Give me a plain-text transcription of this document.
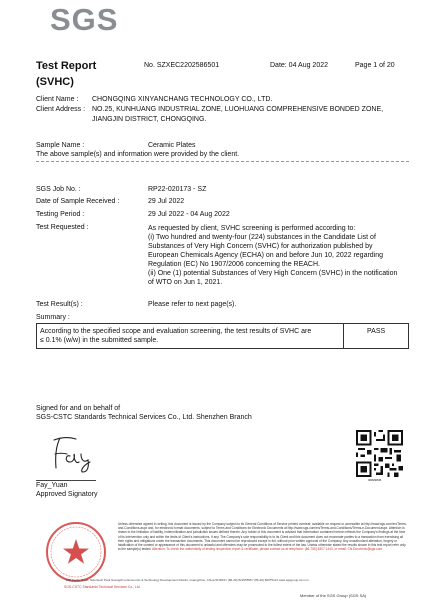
SGS
Test Report
(SVHC)
No. SZXEC2202586501	Date: 04 Aug 2022	Page 1 of 20
Client Name : CHONGQING XINYANCHANG TECHNOLOGY CO., LTD.
Client Address : NO.25, KUNHUANG INDUSTRIAL ZONE, LUOHUANG COMPREHENSIVE BONDED ZONE,
JIANGJIN DISTRICT, CHONGQING.
Sample Name :	Ceramic Plates
The above sample(s) and information were provided by the client.
SGS Job No. :	RP22-020173 - SZ
Date of Sample Received :	29 Jul 2022
Testing Period :	29 Jul 2022 - 04 Aug 2022
Test Requested :	As requested by client, SVHC screening is performed according to:
(i) Two hundred and twenty-four (224) substances in the Candidate List of
Substances of Very High Concern (SVHC) for authorization published by
European Chemicals Agency (ECHA) on and before Jun 10, 2022 regarding
Regulation (EC) No 1907/2006 concerning the REACH.
(ii) One (1) potential Substances of Very High Concern (SVHC) in the notification
of WTO on Jun 1, 2021.
Test Result(s) :	Please refer to next page(s).
Summary :
According to the specified scope and evaluation screening, the test results of SVHC are
≤ 0.1% (w/w) in the submitted sample.
PASS
Signed for and on behalf of
SGS-CSTC Standards Technical Services Co., Ltd. Shenzhen Branch
Fay_Yuan
Approved Signatory
30829836
Unless otherwise agreed in writing, this document is issued by the Company subject to its General Conditions of Service printed overleaf, available on request or accessible at http://www.sgs.com/en/Terms-and-Conditions.aspx and, for electronic format documents, subject to Terms and Conditions for Electronic Documents at http://www.sgs.com/en/Terms-and-Conditions/Terms-e-Document.aspx. Attention is drawn to the limitation of liability, indemnification and jurisdiction issues defined therein. Any holder of this document is advised that information contained hereon reflects the Company's findings at the time of its intervention only and within the limits of Client's instructions, if any. The Company's sole responsibility is to its Client and this document does not exonerate parties to a transaction from exercising all their rights and obligations under the transaction documents. This document cannot be reproduced except in full, without prior written approval of the Company. Any unauthorized alteration, forgery or falsification of the content or appearance of this document is unlawful and offenders may be prosecuted to the fullest extent of the law. Unless otherwise stated the results shown in this test report refer only to the sample(s) tested. Attention: To check the authenticity of testing /inspection report & certificate, please contact us at telephone: (86-755) 8307 1443, or email: CN.Doccheck@sgs.com
198 Kezhu Road, Scientech Park Guangzhou Economic & Technology Development District, Guangzhou, China 510663 t (86-20) 82155555 f (86-20) 82075113 www.sgsgroup.com.cn
SGS-CSTC Standards Technical Services Co., Ltd.
Member of the SGS Group (SGS SA)
